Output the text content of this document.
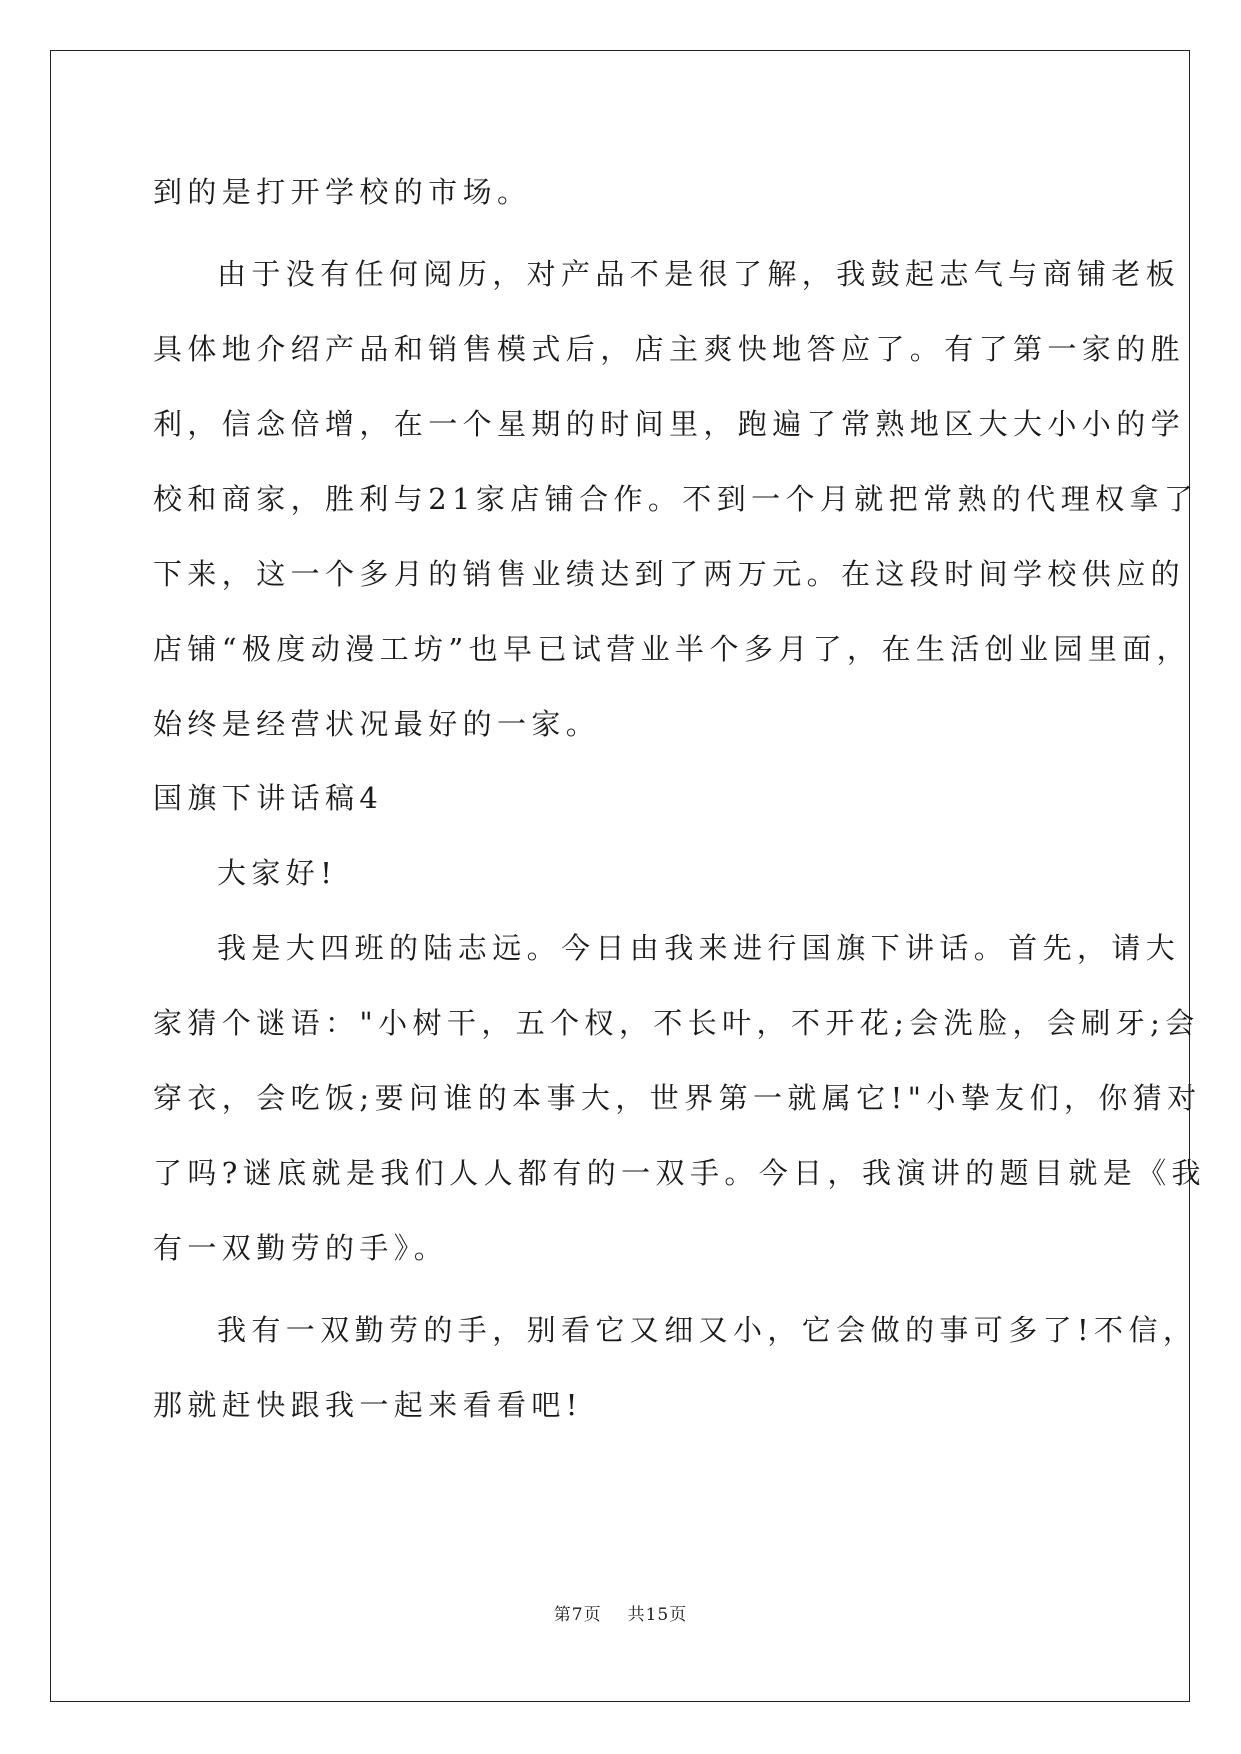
到的是打开学校的市场。
由于没有任何阅历，对产品不是很了解，我鼓起志气与商铺老板
具体地介绍产品和销售模式后，店主爽快地答应了。有了第一家的胜
利，信念倍增，在一个星期的时间里，跑遍了常熟地区大大小小的学
校和商家，胜利与21家店铺合作。不到一个月就把常熟的代理权拿了
下来，这一个多月的销售业绩达到了两万元。在这段时间学校供应的
店铺“极度动漫工坊”也早已试营业半个多月了，在生活创业园里面，
始终是经营状况最好的一家。
国旗下讲话稿4
大家好!
我是大四班的陆志远。今日由我来进行国旗下讲话。首先，请大
家猜个谜语："小树干，五个杈，不长叶，不开花;会洗脸，会刷牙;会
穿衣，会吃饭;要问谁的本事大，世界第一就属它!"小挚友们，你猜对
了吗?谜底就是我们人人都有的一双手。今日，我演讲的题目就是《我
有一双勤劳的手》。
我有一双勤劳的手，别看它又细又小，它会做的事可多了!不信，
那就赶快跟我一起来看看吧!
第7页 共15页
